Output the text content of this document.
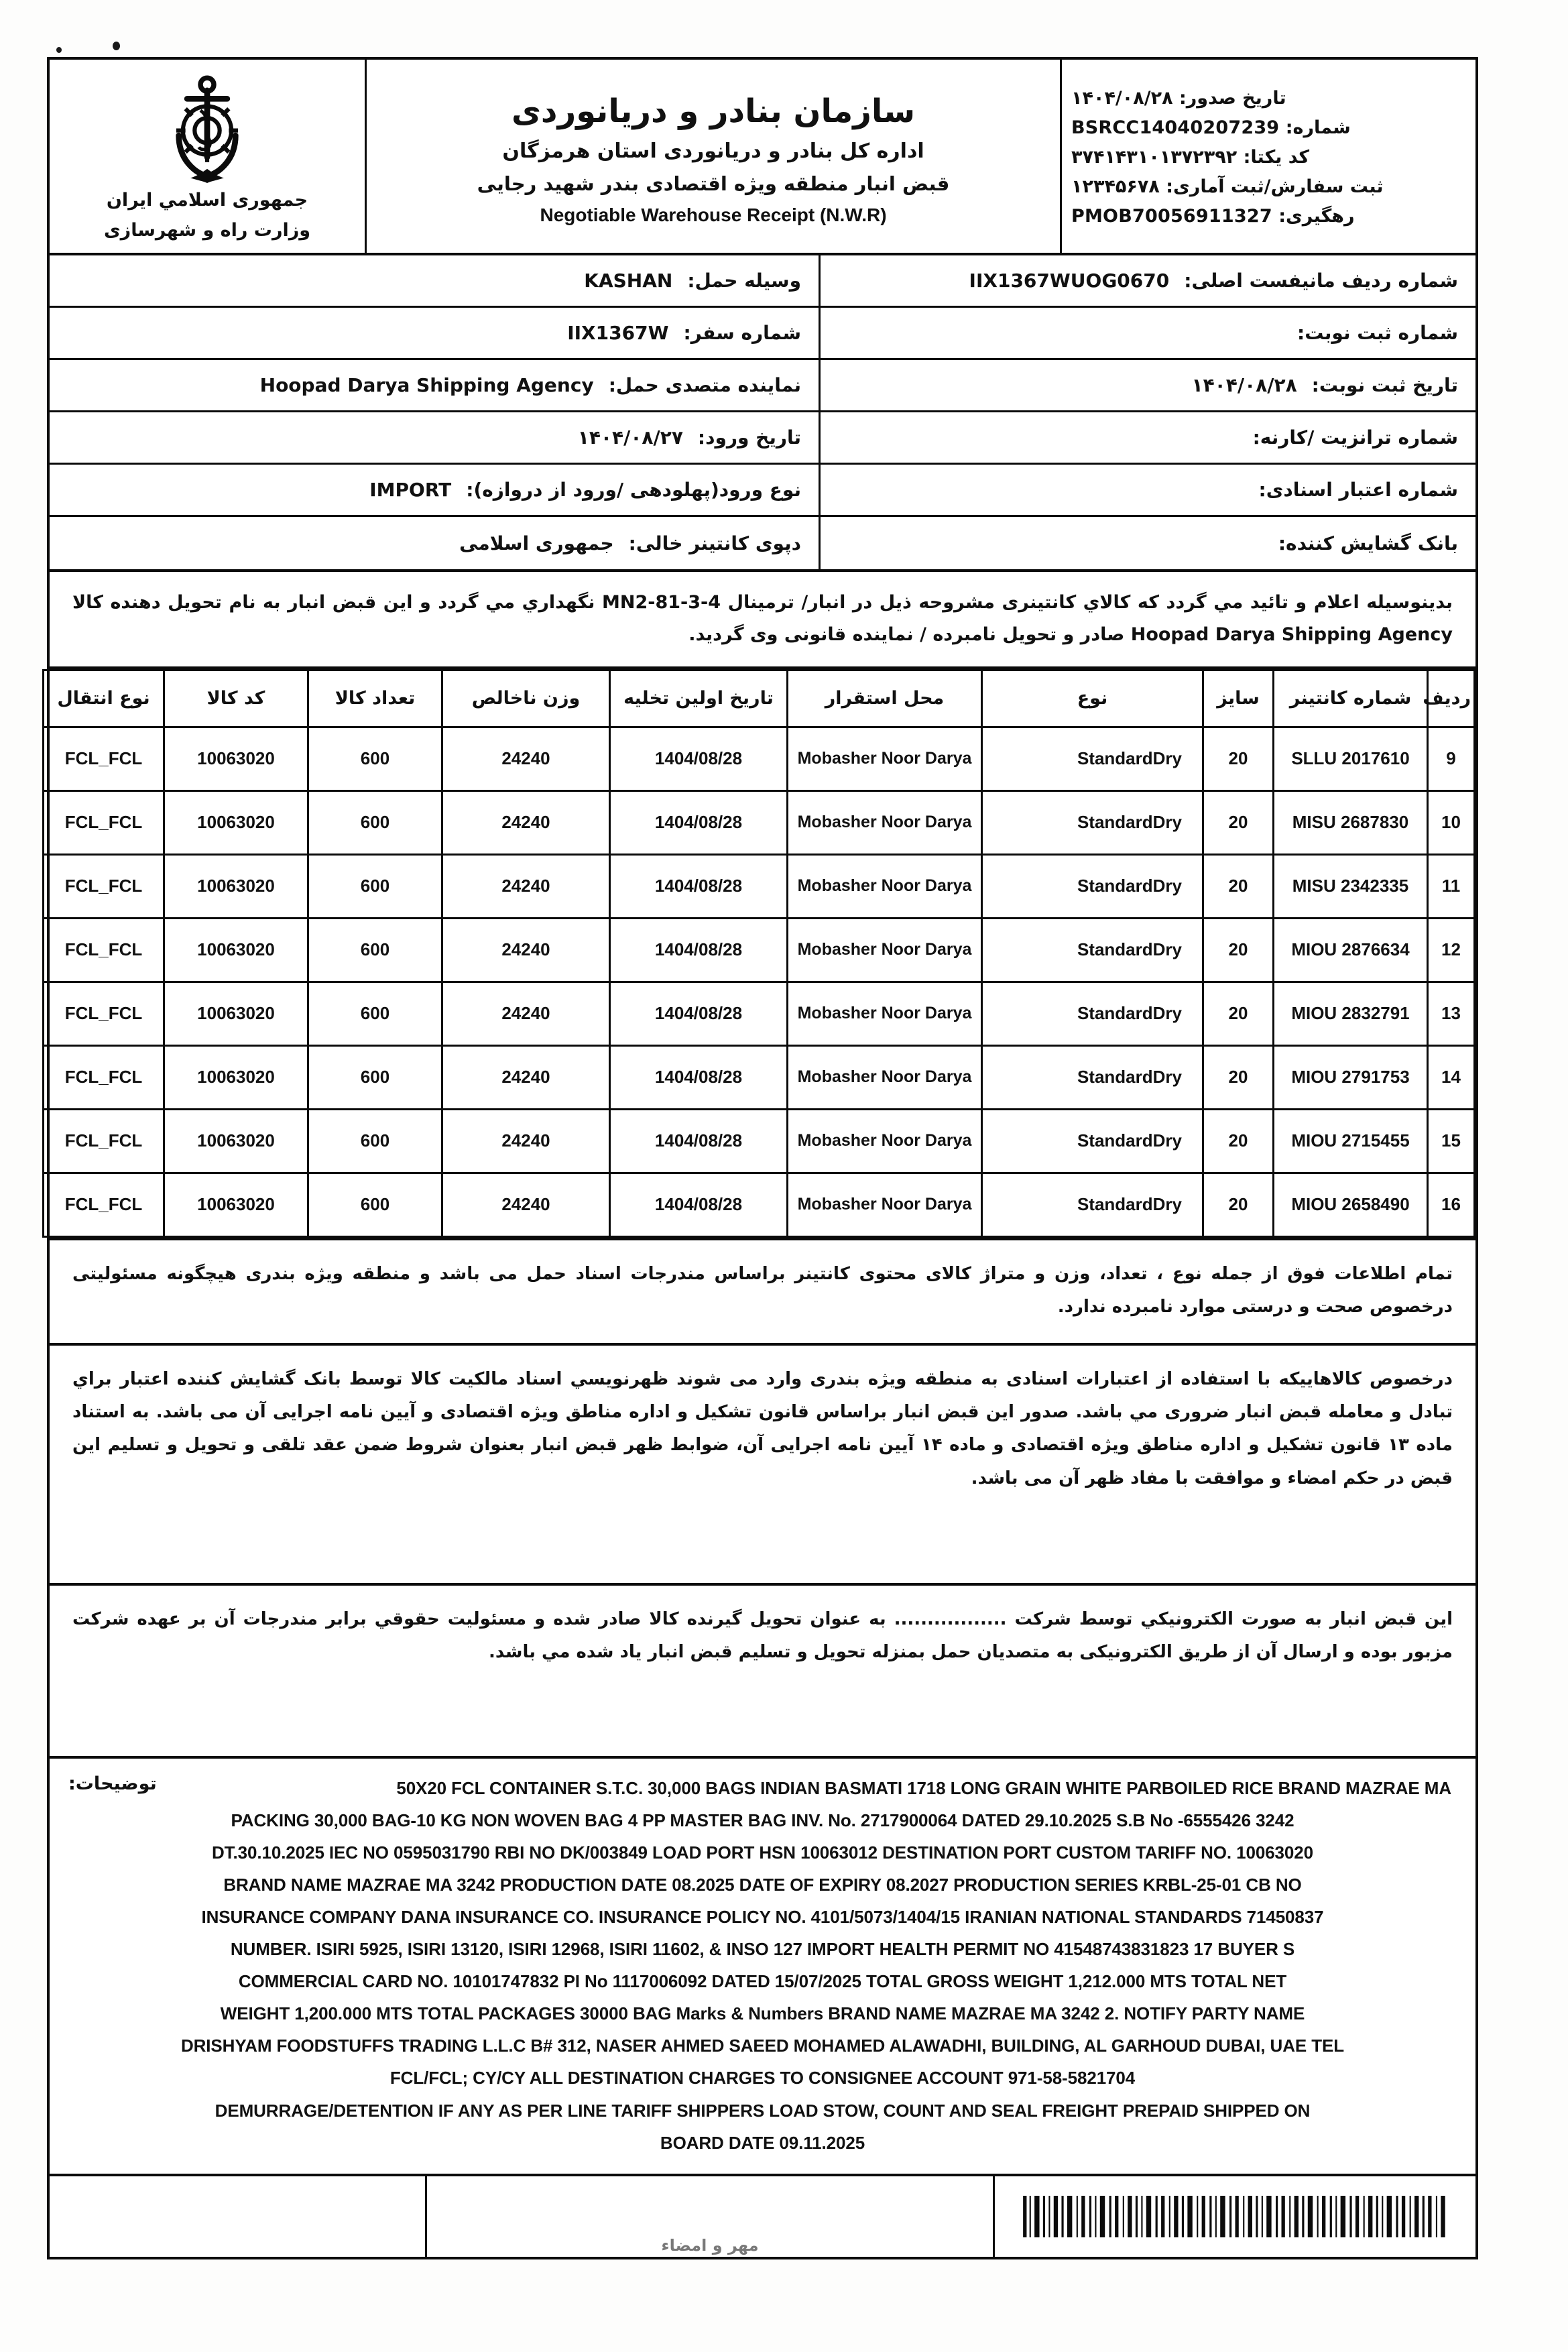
تاریخ صدور: ۱۴۰۴/۰۸/۲۸
شماره: BSRCC14040207239
کد یکتا: ۳۷۴۱۴۳۱۰۱۳۷۲۳۹۲
ثبت سفارش/ثبت آماری: ۱۲۳۴۵۶۷۸
رهگیری: PMOB70056911327
سازمان بنادر و دریانوردی
اداره کل بنادر و دریانوردی استان هرمزگان
قبض انبار منطقه ویژه اقتصادی بندر شهید رجایی
Negotiable Warehouse Receipt (N.W.R)
جمهوری اسلامي ایران
وزارت راه و شهرسازی
شماره ردیف مانیفست اصلی:
IIX1367WUOG0670
شماره ثبت نوبت:
تاریخ ثبت نوبت:
۱۴۰۴/۰۸/۲۸
شماره ترانزیت /کارنه:
شماره اعتبار اسنادی:
بانک گشایش کننده:
وسیله حمل:
KASHAN
شماره سفر:
IIX1367W
نماینده متصدی حمل:
Hoopad Darya Shipping Agency
تاریخ ورود:
۱۴۰۴/۰۸/۲۷
نوع ورود(پهلودهی /ورود از دروازه):
IMPORT
دپوی کانتینر خالی:
جمهوری اسلامی
بدینوسیله اعلام و تائید مي گردد که کالاي کانتینری مشروحه ذیل در انبار/ ترمینال MN2-81-3-4 نگهداري مي گردد و این قبض انبار به نام تحویل دهنده کالا Hoopad Darya Shipping Agency صادر و تحویل نامبرده / نماینده قانونی وی گردید.
ردیف	شماره کانتینر	سایز	نوع	محل استقرار	تاریخ اولین تخلیه	وزن ناخالص	تعداد کالا	کد کالا	نوع انتقال
9	SLLU 2017610	20	StandardDry	Mobasher Noor Darya	1404/08/28	24240	600	10063020	FCL_FCL
10	MISU 2687830	20	StandardDry	Mobasher Noor Darya	1404/08/28	24240	600	10063020	FCL_FCL
11	MISU 2342335	20	StandardDry	Mobasher Noor Darya	1404/08/28	24240	600	10063020	FCL_FCL
12	MIOU 2876634	20	StandardDry	Mobasher Noor Darya	1404/08/28	24240	600	10063020	FCL_FCL
13	MIOU 2832791	20	StandardDry	Mobasher Noor Darya	1404/08/28	24240	600	10063020	FCL_FCL
14	MIOU 2791753	20	StandardDry	Mobasher Noor Darya	1404/08/28	24240	600	10063020	FCL_FCL
15	MIOU 2715455	20	StandardDry	Mobasher Noor Darya	1404/08/28	24240	600	10063020	FCL_FCL
16	MIOU 2658490	20	StandardDry	Mobasher Noor Darya	1404/08/28	24240	600	10063020	FCL_FCL
تمام اطلاعات فوق از جمله نوع ، تعداد، وزن و متراژ کالای محتوی کانتینر براساس مندرجات اسناد حمل می باشد و منطقه ویژه بندری هیچگونه مسئولیتی درخصوص صحت و درستی موارد نامبرده ندارد.
درخصوص کالاهاییکه با استفاده از اعتبارات اسنادی به منطقه ویژه بندری وارد می شوند ظهرنویسي اسناد مالکیت کالا توسط بانک گشایش کننده اعتبار براي تبادل و معامله قبض انبار ضروری مي باشد. صدور این قبض انبار براساس قانون تشکیل و اداره مناطق ویژه اقتصادی و آیین نامه اجرایی آن می باشد. به استناد ماده ۱۳ قانون تشکیل و اداره مناطق ویژه اقتصادی و ماده ۱۴ آیین نامه اجرایی آن، ضوابط ظهر قبض انبار بعنوان شروط ضمن عقد تلقی و تحویل و تسلیم این قبض در حکم امضاء و موافقت با مفاد ظهر آن می باشد.
این قبض انبار به صورت الکترونیکي توسط شرکت ................. به عنوان تحویل گیرنده کالا صادر شده و مسئولیت حقوقي برابر مندرجات آن بر عهده شرکت مزبور بوده و ارسال آن از طریق الکترونیکی به متصدیان حمل بمنزله تحویل و تسلیم قبض انبار یاد شده مي باشد.
توضیحات:	50X20 FCL CONTAINER S.T.C. 30,000 BAGS INDIAN BASMATI 1718 LONG GRAIN WHITE PARBOILED RICE BRAND MAZRAE MA
PACKING 30,000 BAG-10 KG NON WOVEN BAG 4 PP MASTER BAG INV. No. 2717900064 DATED 29.10.2025 S.B No -6555426 3242
DT.30.10.2025 IEC NO 0595031790 RBI NO DK/003849 LOAD PORT HSN 10063012 DESTINATION PORT CUSTOM TARIFF NO. 10063020
BRAND NAME MAZRAE MA 3242 PRODUCTION DATE 08.2025 DATE OF EXPIRY 08.2027 PRODUCTION SERIES KRBL-25-01 CB NO
INSURANCE COMPANY DANA INSURANCE CO. INSURANCE POLICY NO. 4101/5073/1404/15 IRANIAN NATIONAL STANDARDS 71450837
NUMBER. ISIRI 5925, ISIRI 13120, ISIRI 12968, ISIRI 11602, & INSO 127 IMPORT HEALTH PERMIT NO 41548743831823 17 BUYER S
COMMERCIAL CARD NO. 10101747832 PI No 1117006092 DATED 15/07/2025 TOTAL GROSS WEIGHT 1,212.000 MTS TOTAL NET
WEIGHT 1,200.000 MTS TOTAL PACKAGES 30000 BAG Marks & Numbers BRAND NAME MAZRAE MA 3242 2. NOTIFY PARTY NAME
DRISHYAM FOODSTUFFS TRADING L.L.C B# 312, NASER AHMED SAEED MOHAMED ALAWADHI, BUILDING, AL GARHOUD DUBAI, UAE TEL
FCL/FCL; CY/CY ALL DESTINATION CHARGES TO CONSIGNEE ACCOUNT 971-58-5821704
DEMURRAGE/DETENTION IF ANY AS PER LINE TARIFF SHIPPERS LOAD STOW, COUNT AND SEAL FREIGHT PREPAID SHIPPED ON
BOARD DATE 09.11.2025
مهر و امضاء
